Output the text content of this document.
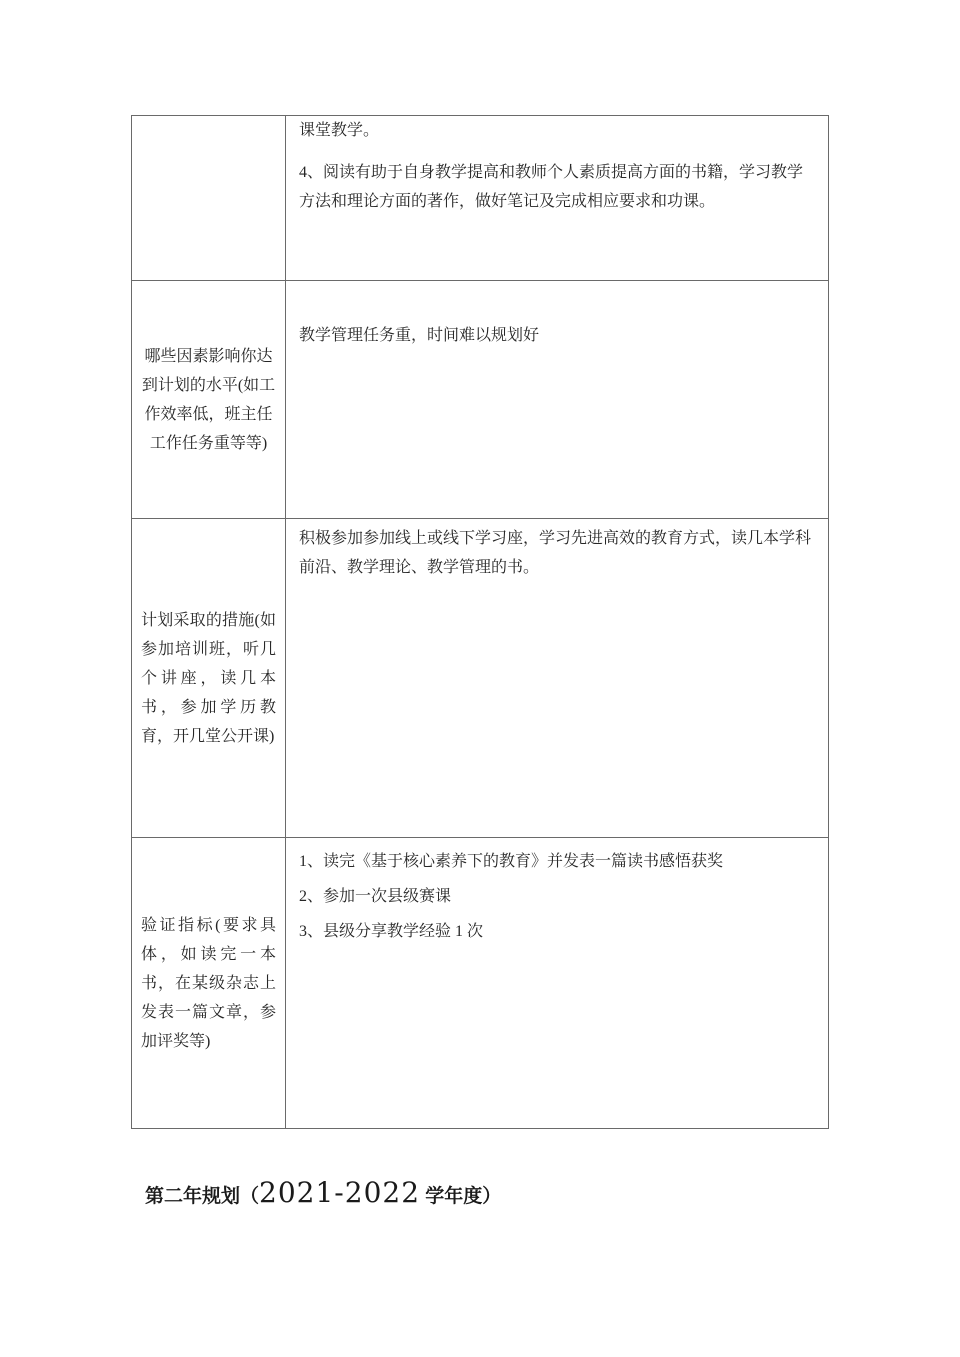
	课堂教学。

4、阅读有助于自身教学提高和教师个人素质提高方面的书籍，学习教学方法和理论方面的著作，做好笔记及完成相应要求和功课。

哪些因素影响你达到计划的水平(如工作效率低，班主任工作任务重等等)	教学管理任务重，时间难以规划好

计划采取的措施(如参加培训班，听几个讲座，读几本书，参加学历教育，开几堂公开课)	积极参加参加线上或线下学习座，学习先进高效的教育方式，读几本学科前沿、教学理论、教学管理的书。

验证指标(要求具体，如读完一本书，在某级杂志上发表一篇文章，参加评奖等)	1、读完《基于核心素养下的教育》并发表一篇读书感悟获奖

2、参加一次县级赛课

3、县级分享教学经验 1 次

第二年规划（2021-2022 学年度）
